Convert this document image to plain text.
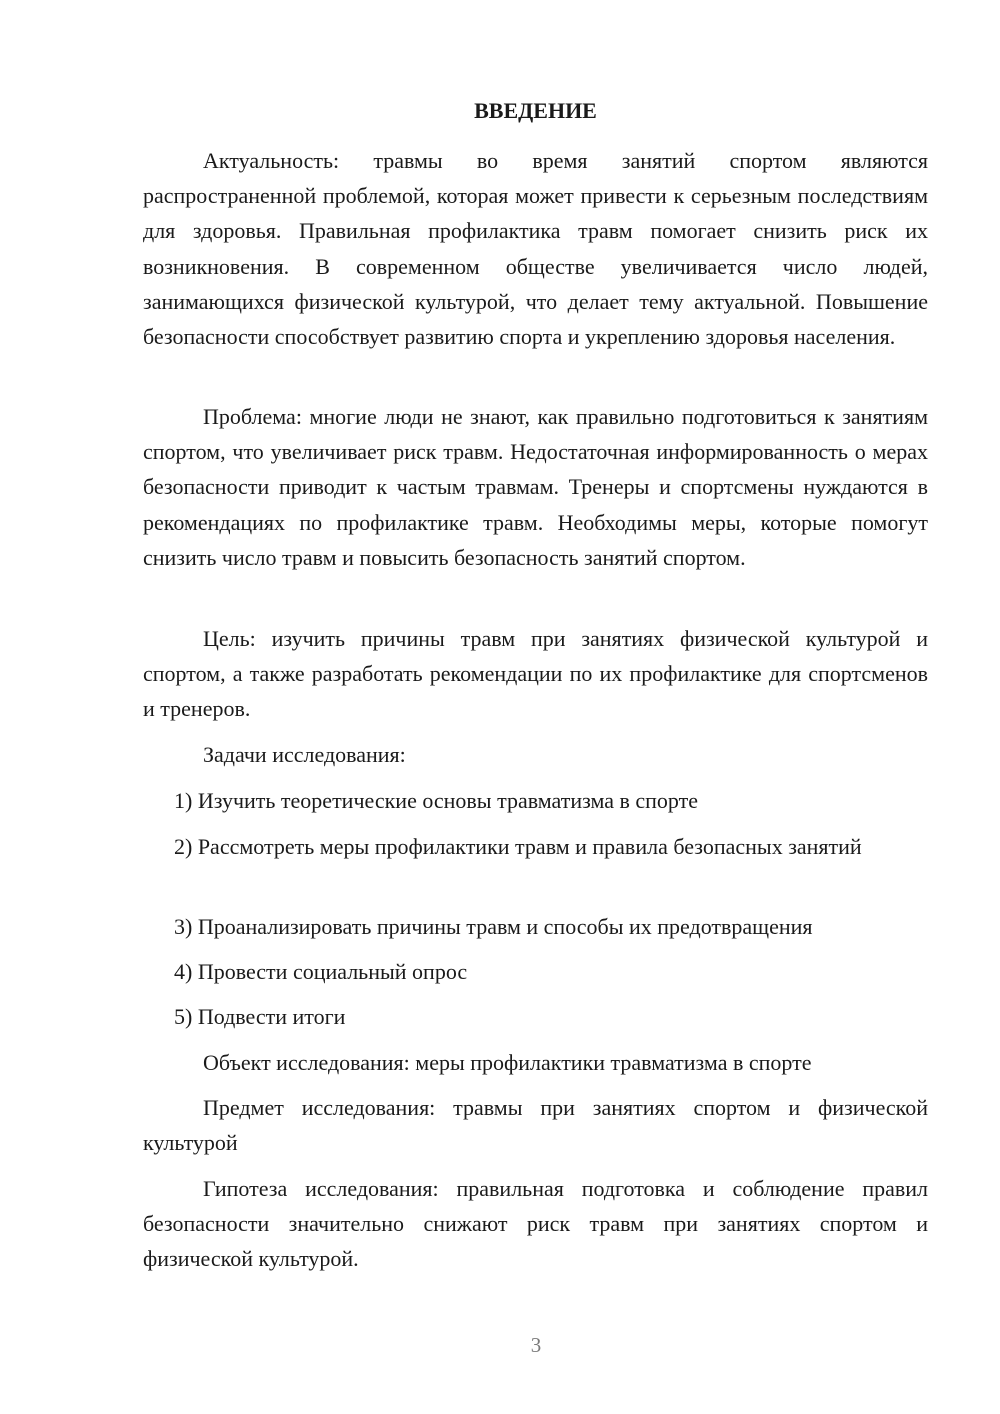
ВВЕДЕНИЕ

Актуальность: травмы во время занятий спортом являются распространенной проблемой, которая может привести к серьезным последствиям для здоровья. Правильная профилактика травм помогает снизить риск их возникновения. В современном обществе увеличивается число людей, занимающихся физической культурой, что делает тему актуальной. Повышение безопасности способствует развитию спорта и укреплению здоровья населения.

Проблема: многие люди не знают, как правильно подготовиться к занятиям спортом, что увеличивает риск травм. Недостаточная информированность о мерах безопасности приводит к частым травмам. Тренеры и спортсмены нуждаются в рекомендациях по профилактике травм. Необходимы меры, которые помогут снизить число травм и повысить безопасность занятий спортом.

Цель: изучить причины травм при занятиях физической культурой и спортом, а также разработать рекомендации по их профилактике для спортсменов и тренеров.

Задачи исследования:

1) Изучить теоретические основы травматизма в спорте

2) Рассмотреть меры профилактики травм и правила безопасных занятий

3) Проанализировать причины травм и способы их предотвращения

4) Провести социальный опрос

5) Подвести итоги

Объект исследования: меры профилактики травматизма в спорте

Предмет исследования: травмы при занятиях спортом и физической культурой

Гипотеза исследования: правильная подготовка и соблюдение правил безопасности значительно снижают риск травм при занятиях спортом и физической культурой.

3
